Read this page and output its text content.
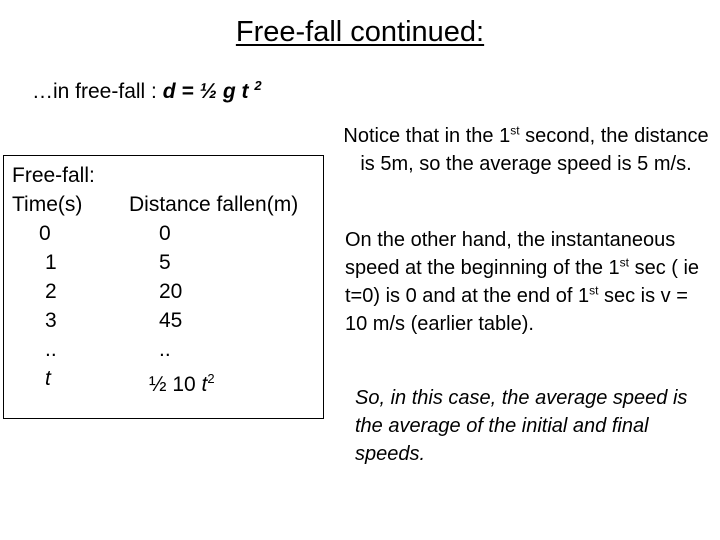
Free-fall continued:
…in free-fall : d = ½ g t $^2$
Free-fall:
Time(s) Distance fallen(m)
0	0
1	5
2	20
3	45
..	..
t	½ 10 $t^2$
Notice that in the 1st second, the distance is 5m, so the average speed is 5 m/s.
On the other hand, the instantaneous speed at the beginning of the 1st sec ( ie t=0) is 0 and at the end of 1st sec is v = 10 m/s (earlier table).
So, in this case, the average speed is the average of the initial and final speeds.
